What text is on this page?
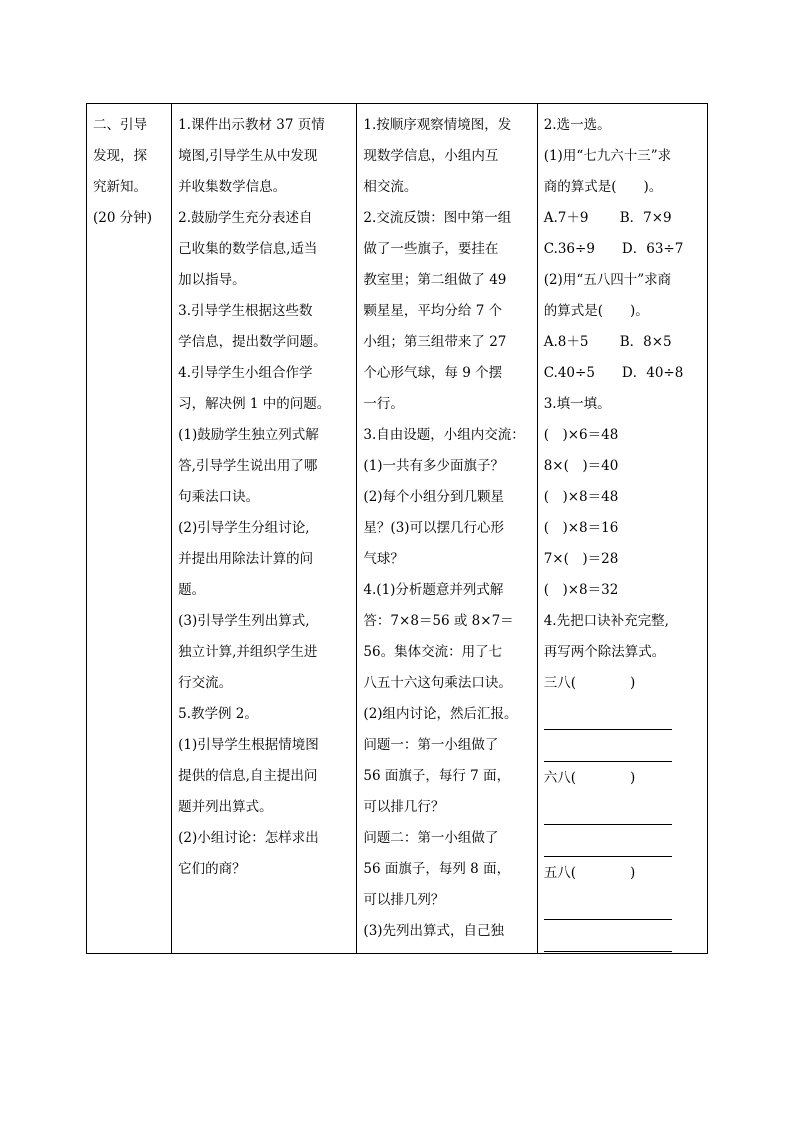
二、引导
发现，探
究新知。
(20 分钟)

1.课件出示教材 37 页情
境图,引导学生从中发现
并收集数学信息。
2.鼓励学生充分表述自
己收集的数学信息,适当
加以指导。
3.引导学生根据这些数
学信息，提出数学问题。
4.引导学生小组合作学
习，解决例 1 中的问题。
(1)鼓励学生独立列式解
答,引导学生说出用了哪
句乘法口诀。
(2)引导学生分组讨论,
并提出用除法计算的问
题。
(3)引导学生列出算式,
独立计算,并组织学生进
行交流。
5.教学例 2。
(1)引导学生根据情境图
提供的信息,自主提出问
题并列出算式。
(2)小组讨论：怎样求出
它们的商？

1.按顺序观察情境图，发
现数学信息，小组内互
相交流。
2.交流反馈：图中第一组
做了一些旗子，要挂在
教室里；第二组做了 49
颗星星，平均分给 7 个
小组；第三组带来了 27
个心形气球，每 9 个摆
一行。
3.自由设题，小组内交流：
(1)一共有多少面旗子？
(2)每个小组分到几颗星
星？(3)可以摆几行心形
气球？
4.(1)分析题意并列式解
答：7×8＝56 或 8×7＝
56。集体交流：用了七
八五十六这句乘法口诀。
(2)组内讨论，然后汇报。
问题一：第一小组做了
56 面旗子，每行 7 面，
可以排几行？
问题二：第一小组做了
56 面旗子，每列 8 面，
可以排几列？
(3)先列出算式，自己独

2.选一选。
(1)用“七九六十三”求
商的算式是(　　)。
A.7＋9　　 B．7×9
C.36÷9　　D．63÷7
(2)用“五八四十”求商
的算式是(　　)。
A.8＋5　　 B．8×5
C.40÷5　　D．40÷8
3.填一填。
(　)×6＝48
8×(　)＝40
(　)×8＝48
(　)×8＝16
7×(　)＝28
(　)×8＝32
4.先把口诀补充完整,
再写两个除法算式。
三八(　　　　)
六八(　　　　)
五八(　　　　)
